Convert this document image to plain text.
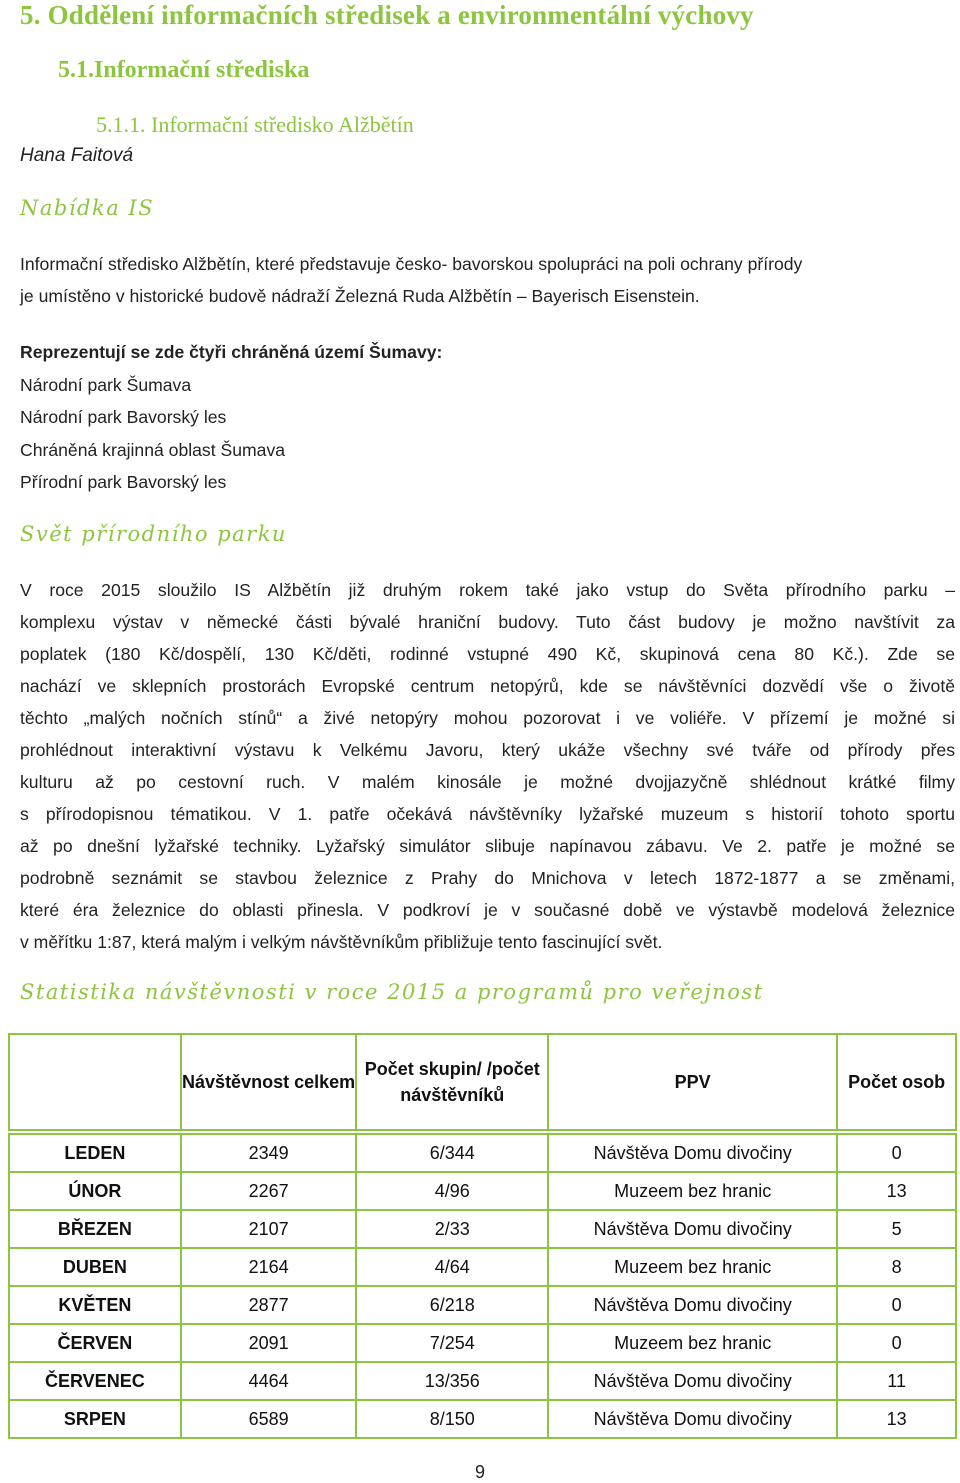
5. Oddělení informačních středisek a environmentální výchovy
5.1.Informační střediska
5.1.1. Informační středisko Alžbětín
Hana Faitová
Nabídka IS
Informační středisko Alžbětín, které představuje česko- bavorskou spolupráci na poli ochrany přírody
je umístěno v historické budově nádraží Železná Ruda Alžbětín – Bayerisch Eisenstein.
Reprezentují se zde čtyři chráněná území Šumavy:
Národní park Šumava
Národní park Bavorský les
Chráněná krajinná oblast Šumava
Přírodní park Bavorský les
Svět přírodního parku
V roce 2015 sloužilo IS Alžbětín již druhým rokem také jako vstup do Světa přírodního parku –
komplexu výstav v německé části bývalé hraniční budovy. Tuto část budovy je možno navštívit za
poplatek (180 Kč/dospělí, 130 Kč/děti, rodinné vstupné 490 Kč, skupinová cena 80 Kč.). Zde se
nachází ve sklepních prostorách Evropské centrum netopýrů, kde se návštěvníci dozvědí vše o životě
těchto „malých nočních stínů“ a živé netopýry mohou pozorovat i ve voliéře. V přízemí je možné si
prohlédnout interaktivní výstavu k Velkému Javoru, který ukáže všechny své tváře od přírody přes
kulturu až po cestovní ruch. V malém kinosále je možné dvojjazyčně shlédnout krátké filmy
s přírodopisnou tématikou. V 1. patře očekává návštěvníky lyžařské muzeum s historií tohoto sportu
až po dnešní lyžařské techniky. Lyžařský simulátor slibuje napínavou zábavu. Ve 2. patře je možné se
podrobně seznámit se stavbou železnice z Prahy do Mnichova v letech 1872-1877 a se změnami,
které éra železnice do oblasti přinesla. V podkroví je v současné době ve výstavbě modelová železnice
v měřítku 1:87, která malým i velkým návštěvníkům přibližuje tento fascinující svět.
Statistika návštěvnosti v roce 2015 a programů pro veřejnost
	Návštěvnost celkem	Počet skupin/ /počet návštěvníků	PPV	Počet osob
LEDEN	2349	6/344	Návštěva Domu divočiny	0
ÚNOR	2267	4/96	Muzeem bez hranic	13
BŘEZEN	2107	2/33	Návštěva Domu divočiny	5
DUBEN	2164	4/64	Muzeem bez hranic	8
KVĚTEN	2877	6/218	Návštěva Domu divočiny	0
ČERVEN	2091	7/254	Muzeem bez hranic	0
ČERVENEC	4464	13/356	Návštěva Domu divočiny	11
SRPEN	6589	8/150	Návštěva Domu divočiny	13
9
